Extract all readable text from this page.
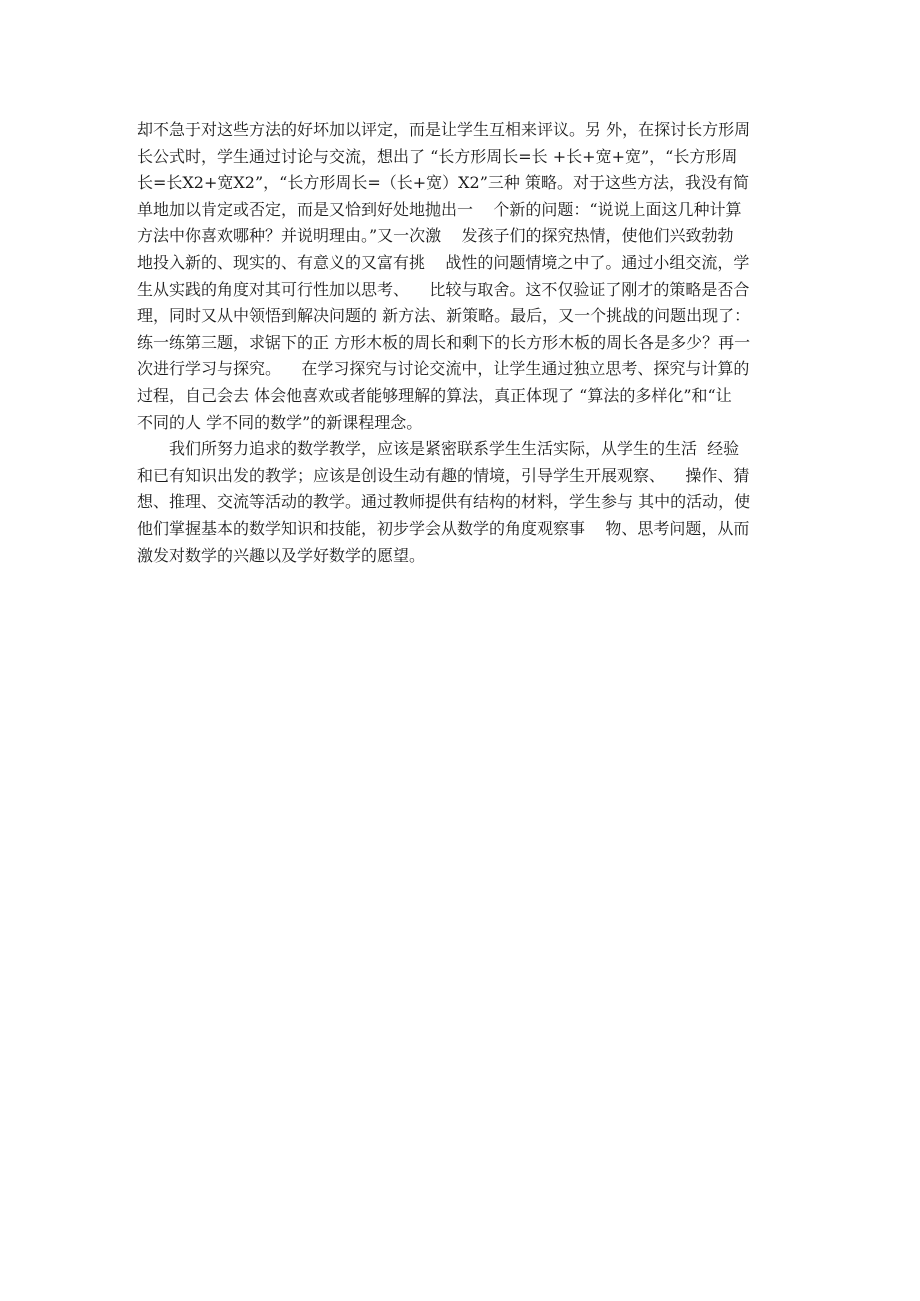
却不急于对这些方法的好坏加以评定，而是让学生互相来评议。另 外，在探讨长方形周
长公式时，学生通过讨论与交流，想出了 “长方形周长=长 +长+宽+宽”，“长方形周
长=长X2+宽X2”，“长方形周长=（长+宽）X2”三种 策略。对于这些方法，我没有简
单地加以肯定或否定，而是又恰到好处地抛出一    个新的问题：“说说上面这几种计算
方法中你喜欢哪种？并说明理由。”又一次激    发孩子们的探究热情，使他们兴致勃勃
地投入新的、现实的、有意义的又富有挑    战性的问题情境之中了。通过小组交流，学
生从实践的角度对其可行性加以思考、    比较与取舍。这不仅验证了刚才的策略是否合
理，同时又从中领悟到解决问题的 新方法、新策略。最后，又一个挑战的问题出现了：
练一练第三题，求锯下的正 方形木板的周长和剩下的长方形木板的周长各是多少？再一
次进行学习与探究。    在学习探究与讨论交流中，让学生通过独立思考、探究与计算的
过程，自己会去 体会他喜欢或者能够理解的算法，真正体现了 “算法的多样化”和“让
不同的人 学不同的数学”的新课程理念。
　　我们所努力追求的数学教学，应该是紧密联系学生生活实际，从学生的生活  经验
和已有知识出发的教学；应该是创设生动有趣的情境，引导学生开展观察、    操作、猜
想、推理、交流等活动的教学。通过教师提供有结构的材料，学生参与 其中的活动，使
他们掌握基本的数学知识和技能，初步学会从数学的角度观察事    物、思考问题，从而
激发对数学的兴趣以及学好数学的愿望。
